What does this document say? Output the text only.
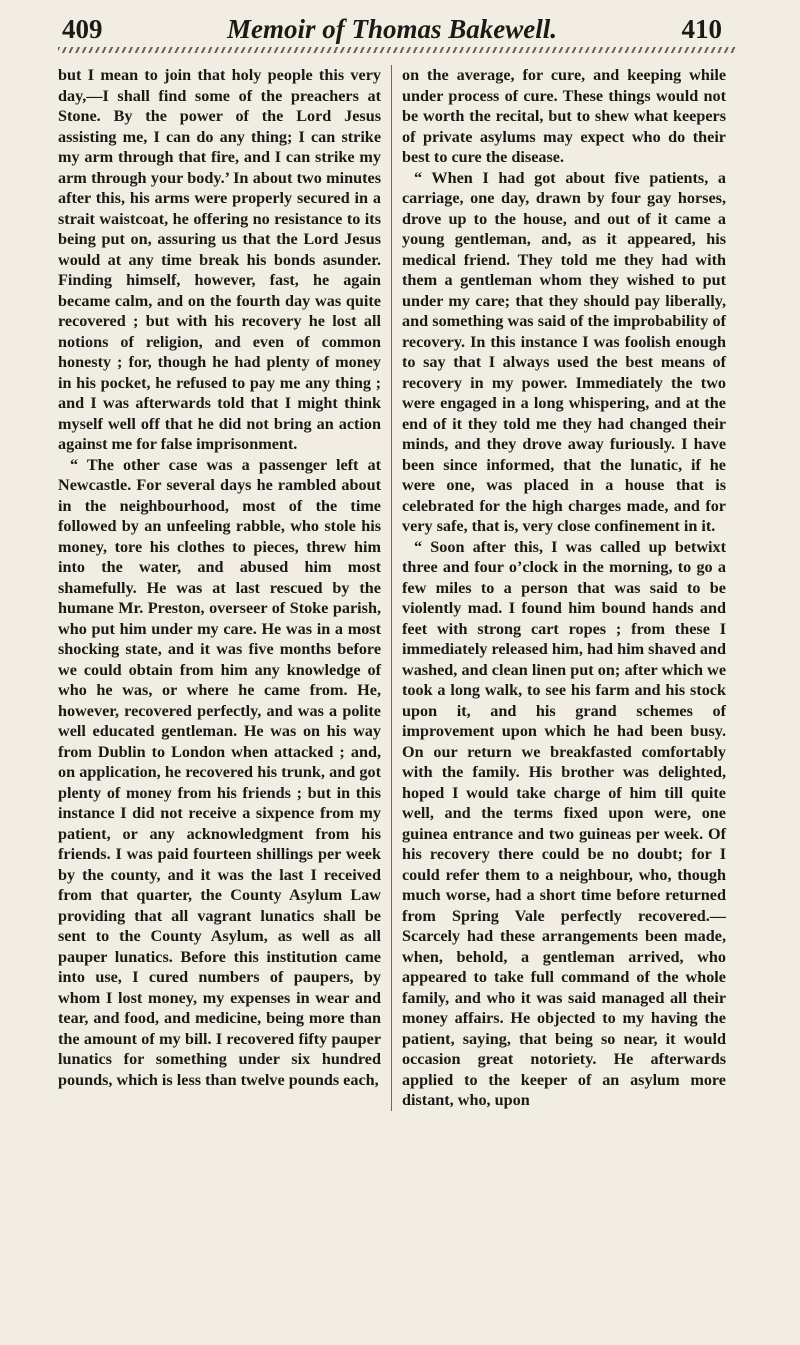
409	Memoir of Thomas Bakewell.	410

but I mean to join that holy people this very day,—I shall find some of the preachers at Stone. By the power of the Lord Jesus assisting me, I can do any thing; I can strike my arm through that fire, and I can strike my arm through your body.’ In about two minutes after this, his arms were properly secured in a strait waistcoat, he offering no resistance to its being put on, assuring us that the Lord Jesus would at any time break his bonds asunder. Finding himself, however, fast, he again became calm, and on the fourth day was quite recovered ; but with his recovery he lost all notions of religion, and even of common honesty ; for, though he had plenty of money in his pocket, he refused to pay me any thing ; and I was afterwards told that I might think myself well off that he did not bring an action against me for false imprisonment.

“ The other case was a passenger left at Newcastle. For several days he rambled about in the neighbourhood, most of the time followed by an unfeeling rabble, who stole his money, tore his clothes to pieces, threw him into the water, and abused him most shamefully. He was at last rescued by the humane Mr. Preston, overseer of Stoke parish, who put him under my care. He was in a most shocking state, and it was five months before we could obtain from him any knowledge of who he was, or where he came from. He, however, recovered perfectly, and was a polite well educated gentleman. He was on his way from Dublin to London when attacked ; and, on application, he recovered his trunk, and got plenty of money from his friends ; but in this instance I did not receive a sixpence from my patient, or any acknowledgment from his friends. I was paid fourteen shillings per week by the county, and it was the last I received from that quarter, the County Asylum Law providing that all vagrant lunatics shall be sent to the County Asylum, as well as all pauper lunatics. Before this institution came into use, I cured numbers of paupers, by whom I lost money, my expenses in wear and tear, and food, and medicine, being more than the amount of my bill. I recovered fifty pauper lunatics for something under six hundred pounds, which is less than twelve pounds each,

on the average, for cure, and keeping while under process of cure. These things would not be worth the recital, but to shew what keepers of private asylums may expect who do their best to cure the disease.

“ When I had got about five patients, a carriage, one day, drawn by four gay horses, drove up to the house, and out of it came a young gentleman, and, as it appeared, his medical friend. They told me they had with them a gentleman whom they wished to put under my care; that they should pay liberally, and something was said of the improbability of recovery. In this instance I was foolish enough to say that I always used the best means of recovery in my power. Immediately the two were engaged in a long whispering, and at the end of it they told me they had changed their minds, and they drove away furiously. I have been since informed, that the lunatic, if he were one, was placed in a house that is celebrated for the high charges made, and for very safe, that is, very close confinement in it.

“ Soon after this, I was called up betwixt three and four o’clock in the morning, to go a few miles to a person that was said to be violently mad. I found him bound hands and feet with strong cart ropes ; from these I immediately released him, had him shaved and washed, and clean linen put on; after which we took a long walk, to see his farm and his stock upon it, and his grand schemes of improvement upon which he had been busy. On our return we breakfasted comfortably with the family. His brother was delighted, hoped I would take charge of him till quite well, and the terms fixed upon were, one guinea entrance and two guineas per week. Of his recovery there could be no doubt; for I could refer them to a neighbour, who, though much worse, had a short time before returned from Spring Vale perfectly recovered.— Scarcely had these arrangements been made, when, behold, a gentleman arrived, who appeared to take full command of the whole family, and who it was said managed all their money affairs. He objected to my having the patient, saying, that being so near, it would occasion great notoriety. He afterwards applied to the keeper of an asylum more distant, who, upon
